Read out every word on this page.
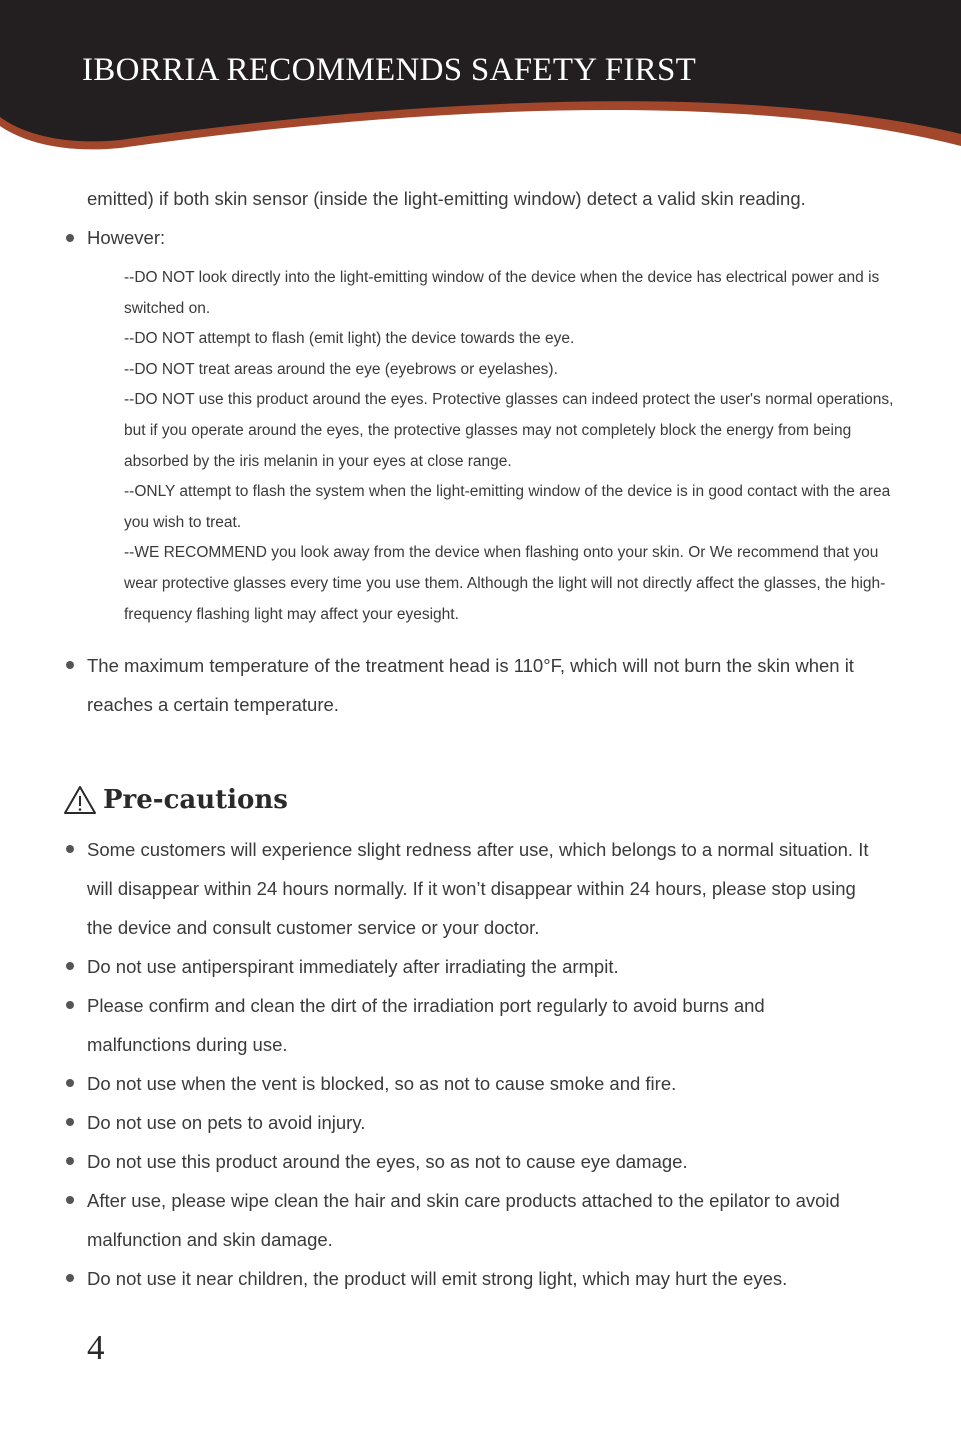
IBORRIA RECOMMENDS SAFETY FIRST
emitted) if both skin sensor (inside the light-emitting window) detect a valid skin reading.
However:

--DO NOT look directly into the light-emitting window of the device when the device has electrical power and is switched on.

--DO NOT attempt to flash (emit light) the device towards the eye.

--DO NOT treat areas around the eye (eyebrows or eyelashes).

--DO NOT use this product around the eyes. Protective glasses can indeed protect the user's normal operations, but if you operate around the eyes, the protective glasses may not completely block the energy from being absorbed by the iris melanin in your eyes at close range.

--ONLY attempt to flash the system when the light-emitting window of the device is in good contact with the area you wish to treat.

--WE RECOMMEND you look away from the device when flashing onto your skin. Or We recommend that you wear protective glasses every time you use them. Although the light will not directly affect the glasses, the high-frequency flashing light may affect your eyesight.

The maximum temperature of the treatment head is 110°F, which will not burn the skin when it reaches a certain temperature.
Pre-cautions
Some customers will experience slight redness after use, which belongs to a normal situation. It will disappear within 24 hours normally. If it won’t disappear within 24 hours, please stop using the device and consult customer service or your doctor.
Do not use antiperspirant immediately after irradiating the armpit.
Please confirm and clean the dirt of the irradiation port regularly to avoid burns and malfunctions during use.
Do not use when the vent is blocked, so as not to cause smoke and fire.
Do not use on pets to avoid injury.
Do not use this product around the eyes, so as not to cause eye damage.
After use, please wipe clean the hair and skin care products attached to the epilator to avoid malfunction and skin damage.
Do not use it near children, the product will emit strong light, which may hurt the eyes.
4
